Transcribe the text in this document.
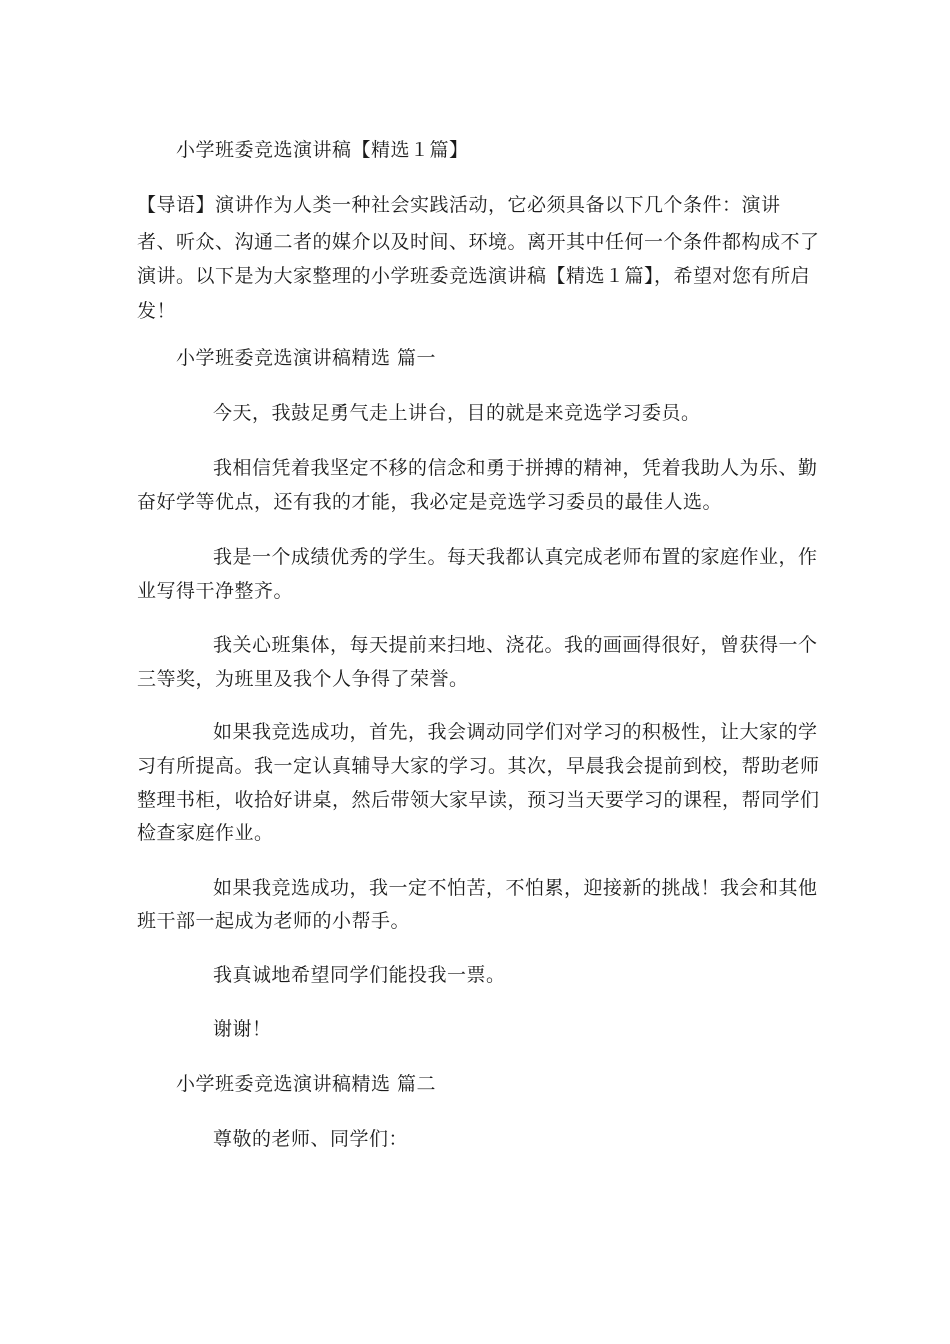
小学班委竞选演讲稿【精选１篇】
【导语】演讲作为人类一种社会实践活动，它必须具备以下几个条件：演讲
者、听众、沟通二者的媒介以及时间、环境。离开其中任何一个条件都构成不了
演讲。以下是为大家整理的小学班委竞选演讲稿【精选１篇】，希望对您有所启
发！
小学班委竞选演讲稿精选 篇一
今天，我鼓足勇气走上讲台，目的就是来竞选学习委员。
我相信凭着我坚定不移的信念和勇于拼搏的精神，凭着我助人为乐、勤
奋好学等优点，还有我的才能，我必定是竞选学习委员的最佳人选。
我是一个成绩优秀的学生。每天我都认真完成老师布置的家庭作业，作
业写得干净整齐。
我关心班集体，每天提前来扫地、浇花。我的画画得很好，曾获得一个
三等奖，为班里及我个人争得了荣誉。
如果我竞选成功，首先，我会调动同学们对学习的积极性，让大家的学
习有所提高。我一定认真辅导大家的学习。其次，早晨我会提前到校，帮助老师
整理书柜，收拾好讲桌，然后带领大家早读，预习当天要学习的课程，帮同学们
检查家庭作业。
如果我竞选成功，我一定不怕苦，不怕累，迎接新的挑战！我会和其他
班干部一起成为老师的小帮手。
我真诚地希望同学们能投我一票。
谢谢！
小学班委竞选演讲稿精选 篇二
尊敬的老师、同学们：
